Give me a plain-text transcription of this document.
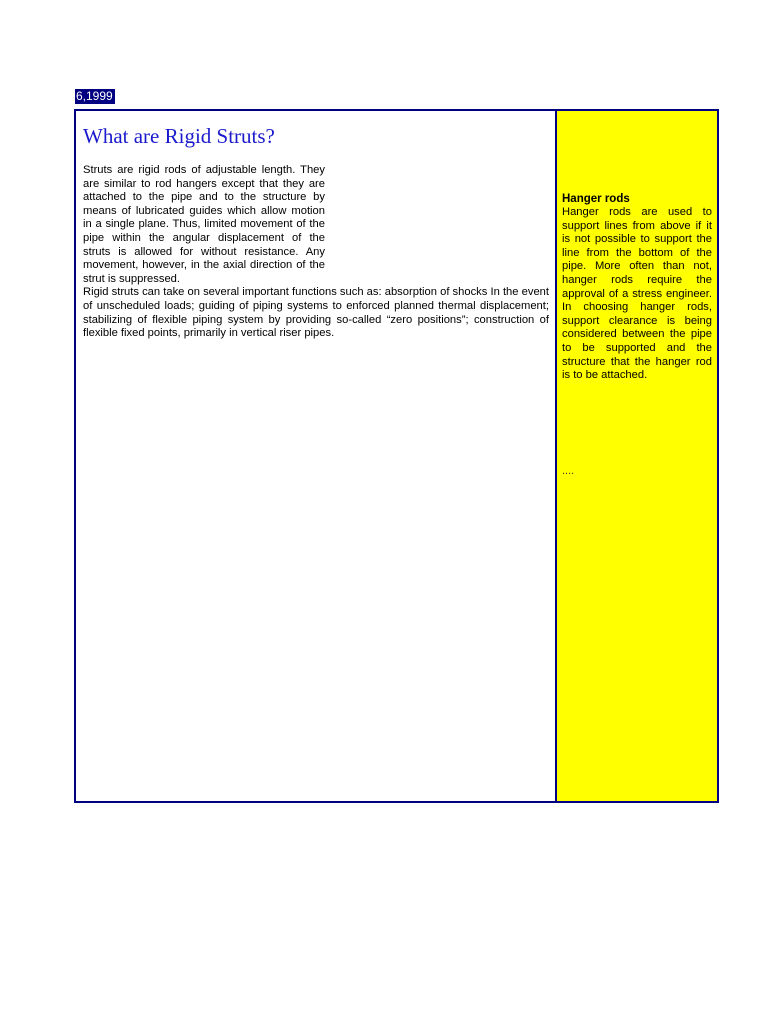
6,1999
What are Rigid Struts?

Struts are rigid rods of adjustable length. They are similar to rod hangers except that they are attached to the pipe and to the structure by means of lubricated guides which allow motion in a single plane. Thus, limited movement of the pipe within the angular displacement of the struts is allowed for without resistance. Any movement, however, in the axial direction of the strut is suppressed.

Rigid struts can take on several important functions such as: absorption of shocks In the event of unscheduled loads; guiding of piping systems to enforced planned thermal displacement; stabilizing of flexible piping system by providing so-called “zero positions”; construction of flexible fixed points, primarily in vertical riser pipes.

Hanger rods

Hanger rods are used to support lines from above if it is not possible to support the line from the bottom of the pipe. More often than not, hanger rods require the approval of a stress engineer. In choosing hanger rods, support clearance is being considered between the pipe to be supported and the structure that the hanger rod is to be attached.

....
